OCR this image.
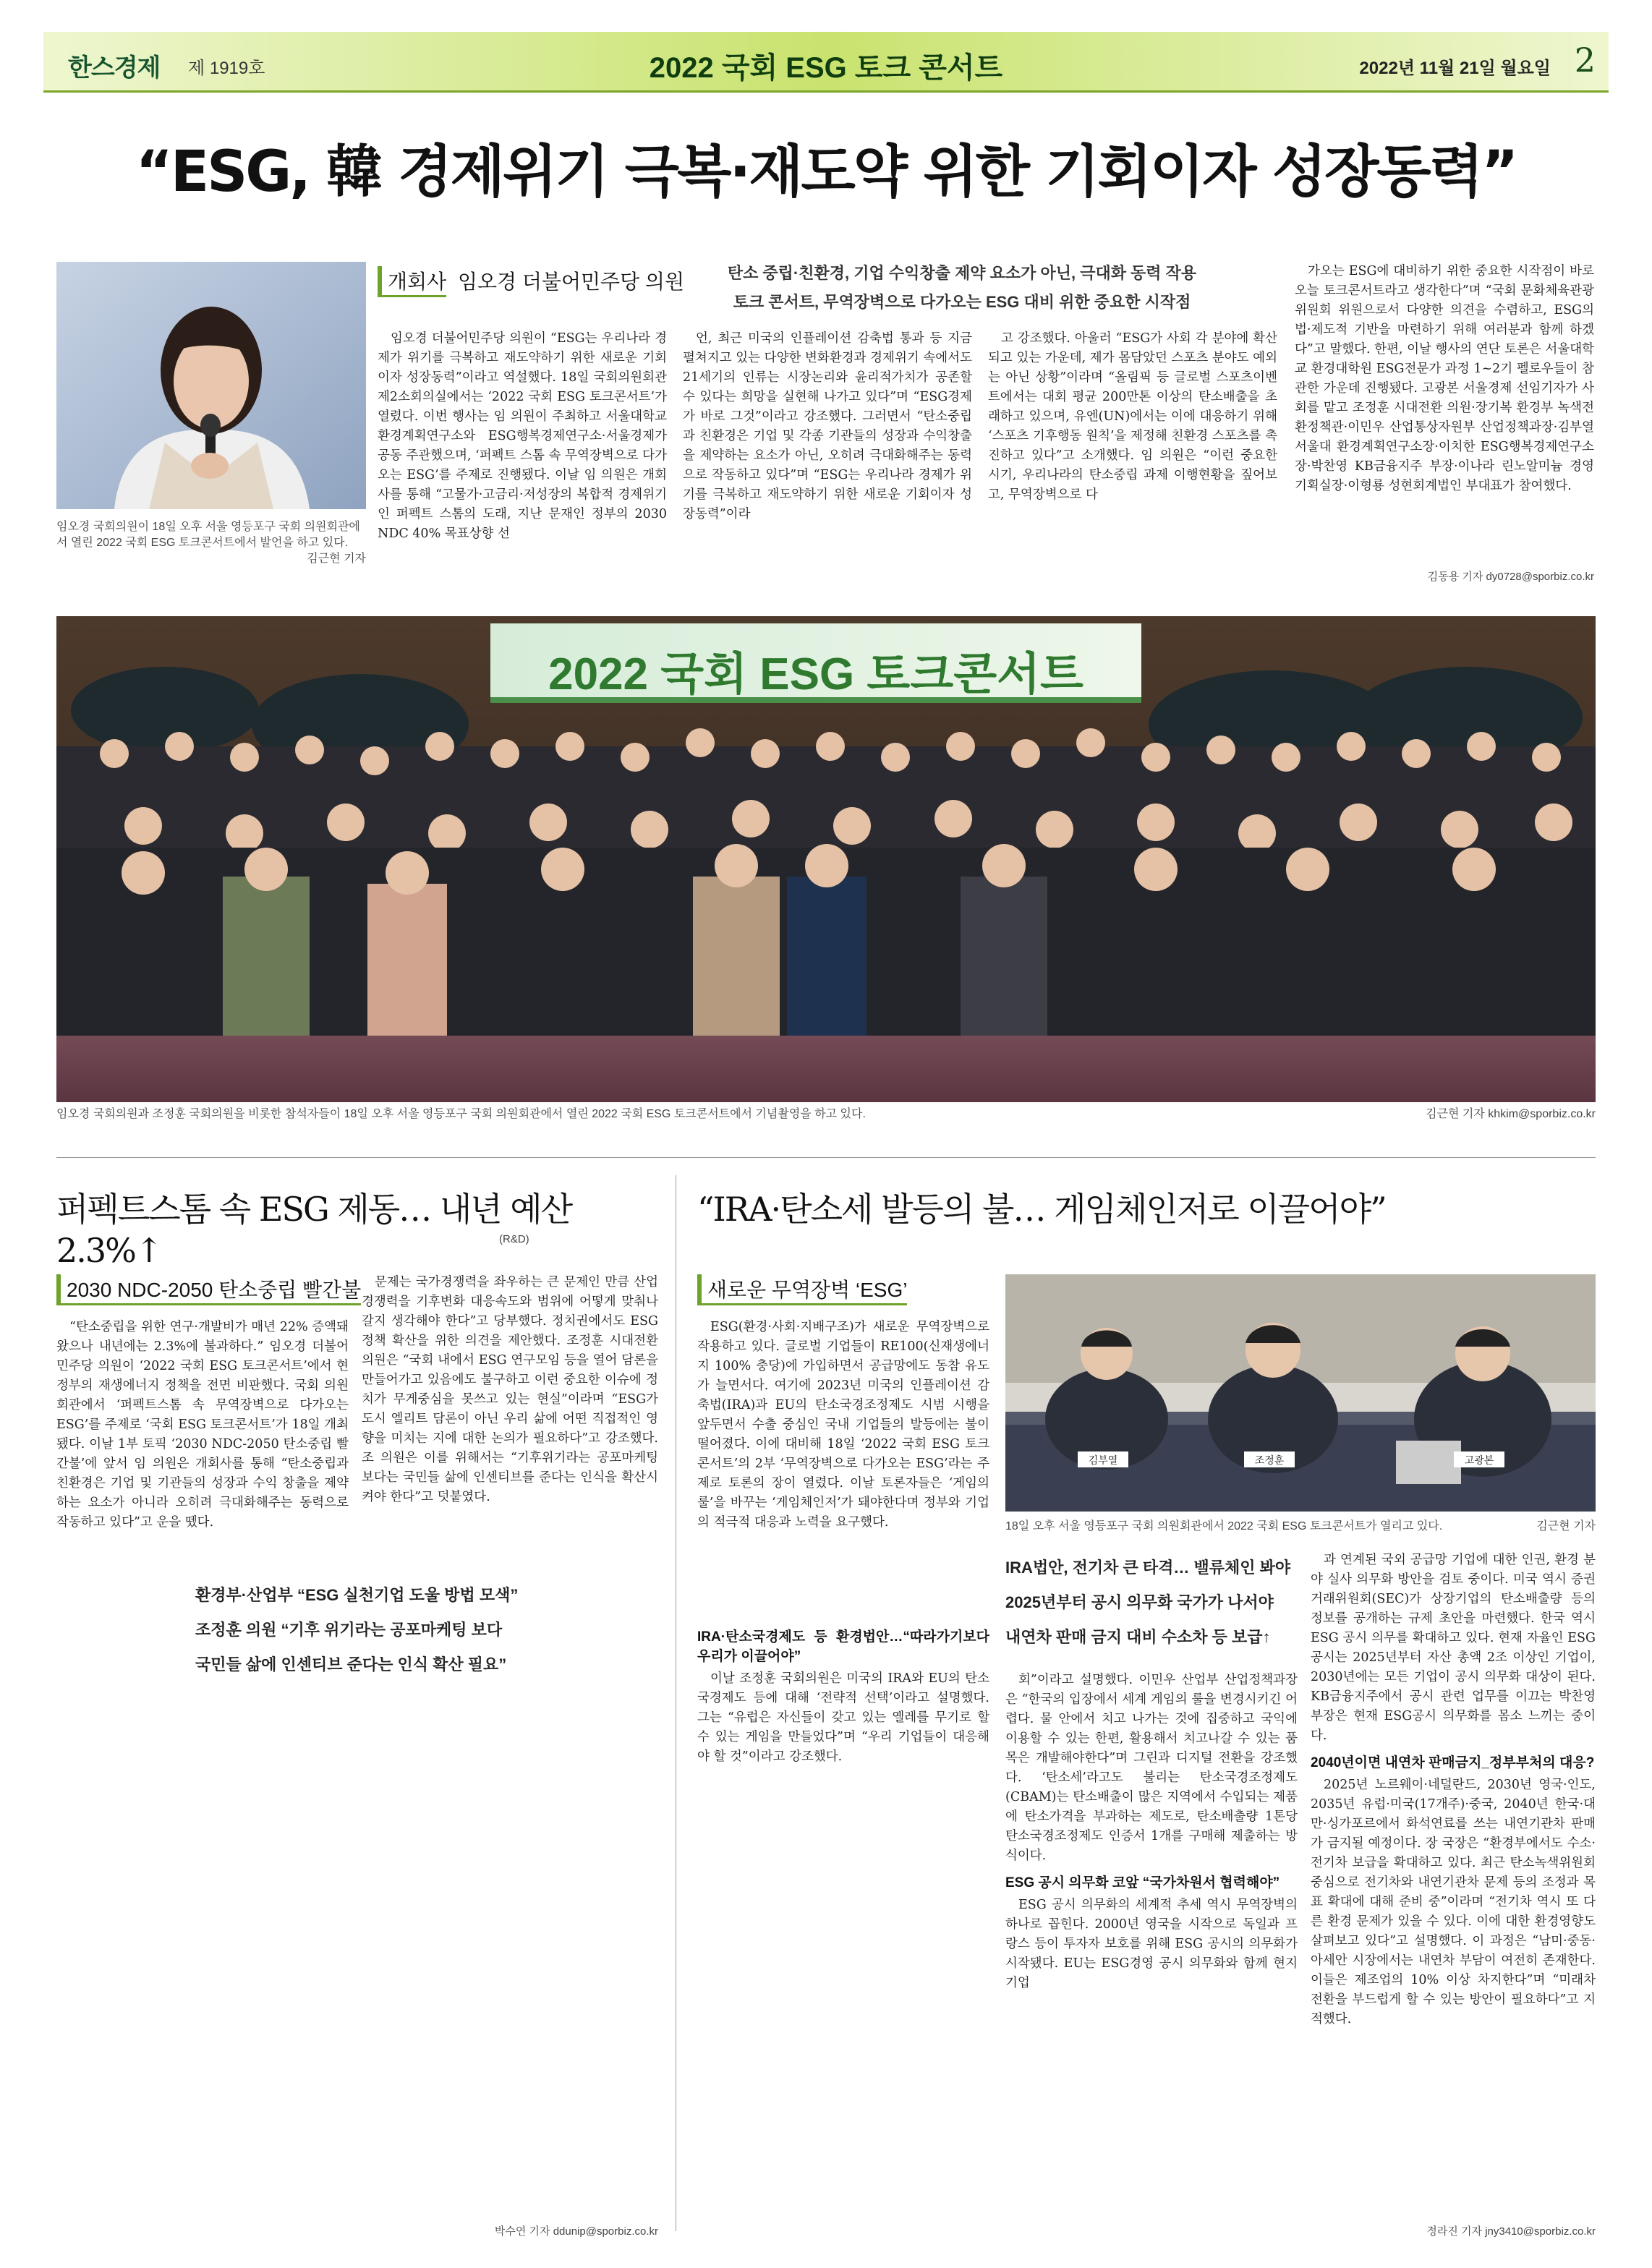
한스경제 제 1919호	2022 국회 ESG 토크 콘서트	2022년 11월 21일 월요일 2
“ESG, 韓 경제위기 극복·재도약 위한 기회이자 성장동력”
임오경 국회의원이 18일 오후 서울 영등포구 국회 의원회관에서 열린 2022 국회 ESG 토크콘서트에서 발언을 하고 있다.
김근현 기자
개회사 임오경 더불어민주당 의원	탄소 중립·친환경, 기업 수익창출 제약 요소가 아닌, 극대화 동력 작용
토크 콘서트, 무역장벽으로 다가오는 ESG 대비 위한 중요한 시작점

임오경 더불어민주당 의원이 “ESG는 우리나라 경제가 위기를 극복하고 재도약하기 위한 새로운 기회이자 성장동력”이라고 역설했다. 18일 국회의원회관 제2소회의실에서는 ‘2022 국회 ESG 토크콘서트’가 열렸다. 이번 행사는 임 의원이 주최하고 서울대학교 환경계획연구소와 ESG행복경제연구소·서울경제가 공동 주관했으며, ‘퍼펙트 스톰 속 무역장벽으로 다가오는 ESG’를 주제로 진행됐다. 이날 임 의원은 개회사를 통해 “고물가·고금리·저성장의 복합적 경제위기인 퍼펙트 스톰의 도래, 지난 문재인 정부의 2030 NDC 40% 목표상향 선

언, 최근 미국의 인플레이션 감축법 통과 등 지금 펼쳐지고 있는 다양한 변화환경과 경제위기 속에서도 21세기의 인류는 시장논리와 윤리적가치가 공존할 수 있다는 희망을 실현해 나가고 있다”며 “ESG경제가 바로 그것”이라고 강조했다. 그러면서 “탄소중립과 친환경은 기업 및 각종 기관들의 성장과 수익창출을 제약하는 요소가 아닌, 오히려 극대화해주는 동력으로 작동하고 있다”며 “ESG는 우리나라 경제가 위기를 극복하고 재도약하기 위한 새로운 기회이자 성장동력”이라

고 강조했다. 아울러 “ESG가 사회 각 분야에 확산되고 있는 가운데, 제가 몸담았던 스포츠 분야도 예외는 아닌 상황”이라며 “올림픽 등 글로벌 스포츠이벤트에서는 대회 평균 200만톤 이상의 탄소배출을 초래하고 있으며, 유엔(UN)에서는 이에 대응하기 위해 ‘스포츠 기후행동 원칙’을 제정해 친환경 스포츠를 촉진하고 있다”고 소개했다. 임 의원은 “이런 중요한 시기, 우리나라의 탄소중립 과제 이행현황을 짚어보고, 무역장벽으로 다

가오는 ESG에 대비하기 위한 중요한 시작점이 바로 오늘 토크콘서트라고 생각한다”며 “국회 문화체육관광위원회 위원으로서 다양한 의견을 수렴하고, ESG의 법·제도적 기반을 마련하기 위해 여러분과 함께 하겠다”고 말했다. 한편, 이날 행사의 연단 토론은 서울대학교 환경대학원 ESG전문가 과정 1~2기 펠로우들이 참관한 가운데 진행됐다. 고광본 서울경제 선임기자가 사회를 맡고 조정훈 시대전환 의원·장기복 환경부 녹색전환정책관·이민우 산업통상자원부 산업정책과장·김부열 서울대 환경계획연구소장·이치한 ESG행복경제연구소장·박찬영 KB금융지주 부장·이나라 린노알미늄 경영기획실장·이형룡 성현회계법인 부대표가 참여했다.

김동용 기자 dy0728@sporbiz.co.kr
2022 국회 ESG 토크콘서트
임오경 국회의원과 조정훈 국회의원을 비롯한 참석자들이 18일 오후 서울 영등포구 국회 의원회관에서 열린 2022 국회 ESG 토크콘서트에서 기념촬영을 하고 있다.	김근현 기자 khkim@sporbiz.co.kr
퍼펙트스톰 속 ESG 제동… 내년 예산 2.3%↑	(R&D)
2030 NDC-2050 탄소중립 빨간불

“탄소중립을 위한 연구·개발비가 매년 22% 증액돼 왔으나 내년에는 2.3%에 불과하다.” 임오경 더불어민주당 의원이 ‘2022 국회 ESG 토크콘서트’에서 현 정부의 재생에너지 정책을 전면 비판했다. 국회 의원회관에서 ‘퍼펙트스톰 속 무역장벽으로 다가오는 ESG’를 주제로 ‘국회 ESG 토크콘서트’가 18일 개최됐다. 이날 1부 토픽 ‘2030 NDC-2050 탄소중립 빨간불’에 앞서 임 의원은 개회사를 통해 “탄소중립과 친환경은 기업 및 기관들의 성장과 수익 창출을 제약하는 요소가 아니라 오히려 극대화해주는 동력으로 작동하고 있다”고 운을 뗐다.

문제는 국가경쟁력을 좌우하는 큰 문제인 만큼 산업경쟁력을 기후변화 대응속도와 범위에 어떻게 맞춰나갈지 생각해야 한다”고 당부했다. 정치권에서도 ESG 정책 확산을 위한 의견을 제안했다. 조정훈 시대전환 의원은 “국회 내에서 ESG 연구모임 등을 열어 담론을 만들어가고 있음에도 불구하고 이런 중요한 이슈에 정치가 무게중심을 못쓰고 있는 현실”이라며 “ESG가 도시 엘리트 담론이 아닌 우리 삶에 어떤 직접적인 영향을 미치는 지에 대한 논의가 필요하다”고 강조했다. 조 의원은 이를 위해서는 “기후위기라는 공포마케팅 보다는 국민들 삶에 인센티브를 준다는 인식을 확산시켜야 한다”고 덧붙였다.

환경부·산업부 “ESG 실천기업 도울 방법 모색”
조정훈 의원 “기후 위기라는 공포마케팅 보다
국민들 삶에 인센티브 준다는 인식 확산 필요”
박수연 기자 ddunip@sporbiz.co.kr
“IRA·탄소세 발등의 불… 게임체인저로 이끌어야”
새로운 무역장벽 ‘ESG’

ESG(환경·사회·지배구조)가 새로운 무역장벽으로 작용하고 있다. 글로벌 기업들이 RE100(신재생에너지 100% 충당)에 가입하면서 공급망에도 동참 유도가 늘면서다. 여기에 2023년 미국의 인플레이션 감축법(IRA)과 EU의 탄소국경조정제도 시범 시행을 앞두면서 수출 중심인 국내 기업들의 발등에는 불이 떨어졌다. 이에 대비해 18일 ‘2022 국회 ESG 토크콘서트’의 2부 ‘무역장벽으로 다가오는 ESG’라는 주제로 토론의 장이 열렸다. 이날 토론자들은 ‘게임의 룰’을 바꾸는 ‘게임체인저’가 돼야한다며 정부와 기업의 적극적 대응과 노력을 요구했다.

김부열	조정훈	고광본
18일 오후 서울 영등포구 국회 의원회관에서 2022 국회 ESG 토크콘서트가 열리고 있다.	김근현 기자
IRA법안, 전기차 큰 타격… 밸류체인 봐야
2025년부터 공시 의무화 국가가 나서야
내연차 판매 금지 대비 수소차 등 보급↑
IRA·탄소국경제도 등 환경법안…“따라가기보다 우리가 이끌어야”

이날 조정훈 국회의원은 미국의 IRA와 EU의 탄소국경제도 등에 대해 ‘전략적 선택’이라고 설명했다. 그는 “유럽은 자신들이 갖고 있는 옐레를 무기로 할 수 있는 게임을 만들었다”며 “우리 기업들이 대응해야 할 것”이라고 강조했다.

회”이라고 설명했다. 이민우 산업부 산업정책과장은 “한국의 입장에서 세계 게임의 룰을 변경시키긴 어렵다. 물 안에서 치고 나가는 것에 집중하고 국익에 이용할 수 있는 한편, 활용해서 치고나갈 수 있는 품목은 개발해야한다”며 그린과 디지털 전환을 강조했다. ‘탄소세’라고도 불리는 탄소국경조정제도(CBAM)는 탄소배출이 많은 지역에서 수입되는 제품에 탄소가격을 부과하는 제도로, 탄소배출량 1톤당 탄소국경조정제도 인증서 1개를 구매해 제출하는 방식이다.

ESG 공시 의무화 코앞 “국가차원서 협력해야”

ESG 공시 의무화의 세계적 추세 역시 무역장벽의 하나로 꼽힌다. 2000년 영국을 시작으로 독일과 프랑스 등이 투자자 보호를 위해 ESG 공시의 의무화가 시작됐다. EU는 ESG경영 공시 의무화와 함께 현지 기업

과 연계된 국외 공급망 기업에 대한 인권, 환경 분야 실사 의무화 방안을 검토 중이다. 미국 역시 증권거래위원회(SEC)가 상장기업의 탄소배출량 등의 정보를 공개하는 규제 초안을 마련했다. 한국 역시 ESG 공시 의무를 확대하고 있다. 현재 자율인 ESG 공시는 2025년부터 자산 총액 2조 이상인 기업이, 2030년에는 모든 기업이 공시 의무화 대상이 된다. KB금융지주에서 공시 관련 업무를 이끄는 박찬영 부장은 현재 ESG공시 의무화를 몸소 느끼는 중이다.

2040년이면 내연차 판매금지_정부부처의 대응?

2025년 노르웨이·네덜란드, 2030년 영국·인도, 2035년 유럽·미국(17개주)·중국, 2040년 한국·대만·싱가포르에서 화석연료를 쓰는 내연기관차 판매가 금지될 예정이다. 장 국장은 “환경부에서도 수소·전기차 보급을 확대하고 있다. 최근 탄소녹색위원회 중심으로 전기차와 내연기관차 문제 등의 조정과 목표 확대에 대해 준비 중”이라며 “전기차 역시 또 다른 환경 문제가 있을 수 있다. 이에 대한 환경영향도 살펴보고 있다”고 설명했다. 이 과정은 “남미·중동·아세안 시장에서는 내연차 부담이 여전히 존재한다. 이들은 제조업의 10% 이상 차지한다”며 “미래차 전환을 부드럽게 할 수 있는 방안이 필요하다”고 지적했다.

정라진 기자 jny3410@sporbiz.co.kr
